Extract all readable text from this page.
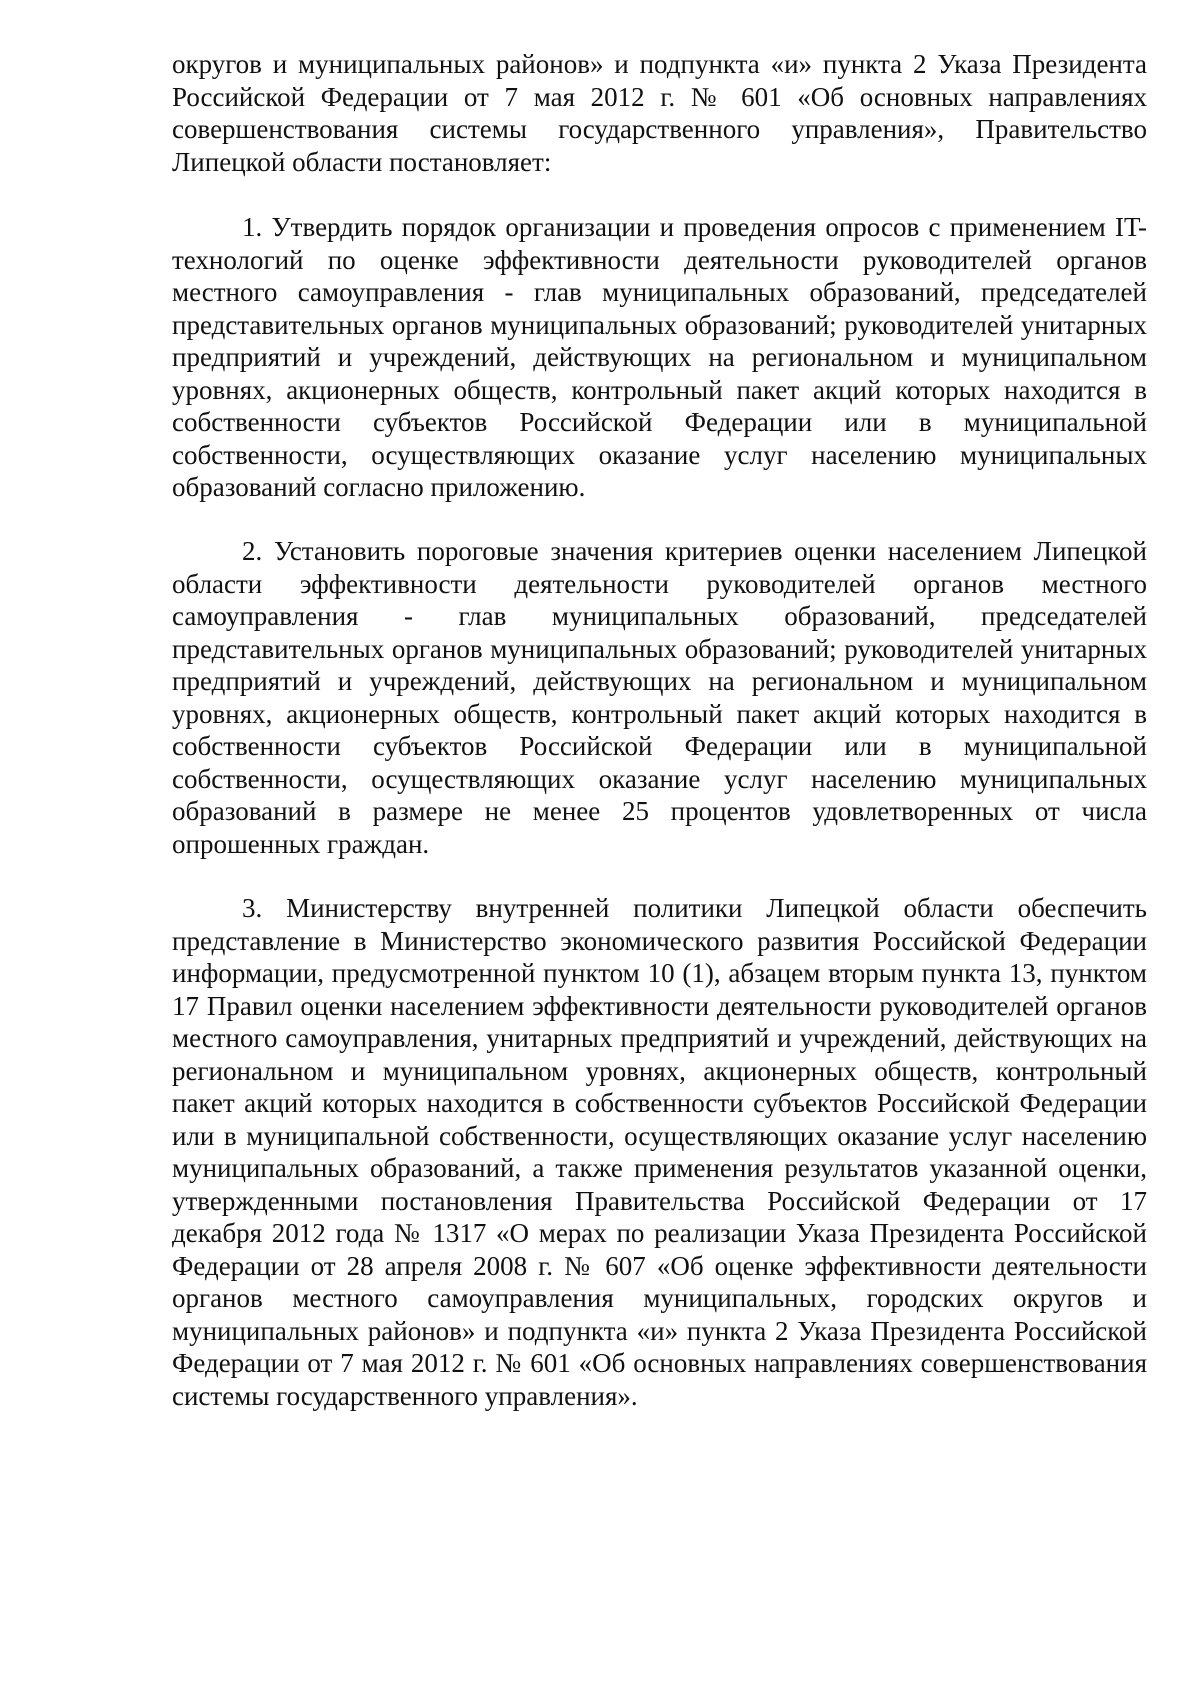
округов и муниципальных районов» и подпункта «и» пункта 2 Указа Президента Российской Федерации от 7 мая 2012 г. № 601 «Об основных направлениях совершенствования системы государственного управления», Правительство Липецкой области постановляет:

1. Утвердить порядок организации и проведения опросов с применением IT-технологий по оценке эффективности деятельности руководителей органов местного самоуправления - глав муниципальных образований, председателей представительных органов муниципальных образований; руководителей унитарных предприятий и учреждений, действующих на региональном и муниципальном уровнях, акционерных обществ, контрольный пакет акций которых находится в собственности субъектов Российской Федерации или в муниципальной собственности, осуществляющих оказание услуг населению муниципальных образований согласно приложению.

2. Установить пороговые значения критериев оценки населением Липецкой области эффективности деятельности руководителей органов местного самоуправления - глав муниципальных образований, председателей представительных органов муниципальных образований; руководителей унитарных предприятий и учреждений, действующих на региональном и муниципальном уровнях, акционерных обществ, контрольный пакет акций которых находится в собственности субъектов Российской Федерации или в муниципальной собственности, осуществляющих оказание услуг населению муниципальных образований в размере не менее 25 процентов удовлетворенных от числа опрошенных граждан.

3. Министерству внутренней политики Липецкой области обеспечить представление в Министерство экономического развития Российской Федерации информации, предусмотренной пунктом 10 (1), абзацем вторым пункта 13, пунктом 17 Правил оценки населением эффективности деятельности руководителей органов местного самоуправления, унитарных предприятий и учреждений, действующих на региональном и муниципальном уровнях, акционерных обществ, контрольный пакет акций которых находится в собственности субъектов Российской Федерации или в муниципальной собственности, осуществляющих оказание услуг населению муниципальных образований, а также применения результатов указанной оценки, утвержденными постановления Правительства Российской Федерации от 17 декабря 2012 года № 1317 «О мерах по реализации Указа Президента Российской Федерации от 28 апреля 2008 г. № 607 «Об оценке эффективности деятельности органов местного самоуправления муниципальных, городских округов и муниципальных районов» и подпункта «и» пункта 2 Указа Президента Российской Федерации от 7 мая 2012 г. № 601 «Об основных направлениях совершенствования системы государственного управления».
